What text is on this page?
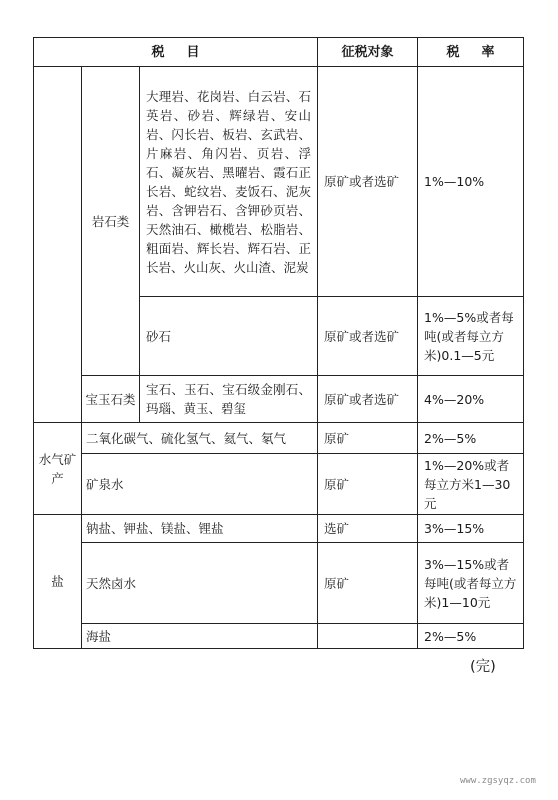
税目			征税对象	税率
	岩石类	大理岩、花岗岩、白云岩、石英岩、砂岩、辉绿岩、安山岩、闪长岩、板岩、玄武岩、片麻岩、角闪岩、页岩、浮石、凝灰岩、黑曜岩、霞石正长岩、蛇纹岩、麦饭石、泥灰岩、含钾岩石、含钾砂页岩、天然油石、橄榄岩、松脂岩、粗面岩、辉长岩、辉石岩、正长岩、火山灰、火山渣、泥炭	原矿或者选矿	1%—10%
		砂石	原矿或者选矿	1%—5%或者每吨(或者每立方米)0.1—5元
	宝玉石类	宝石、玉石、宝石级金刚石、玛瑙、黄玉、碧玺	原矿或者选矿	4%—20%
水气矿产	二氧化碳气、硫化氢气、氦气、氡气		原矿	2%—5%
	矿泉水		原矿	1%—20%或者每立方米1—30元
盐	钠盐、钾盐、镁盐、锂盐		选矿	3%—15%
	天然卤水		原矿	3%—15%或者每吨(或者每立方米)1—10元
	海盐			2%—5%
(完)
www.zgsyqz.com
